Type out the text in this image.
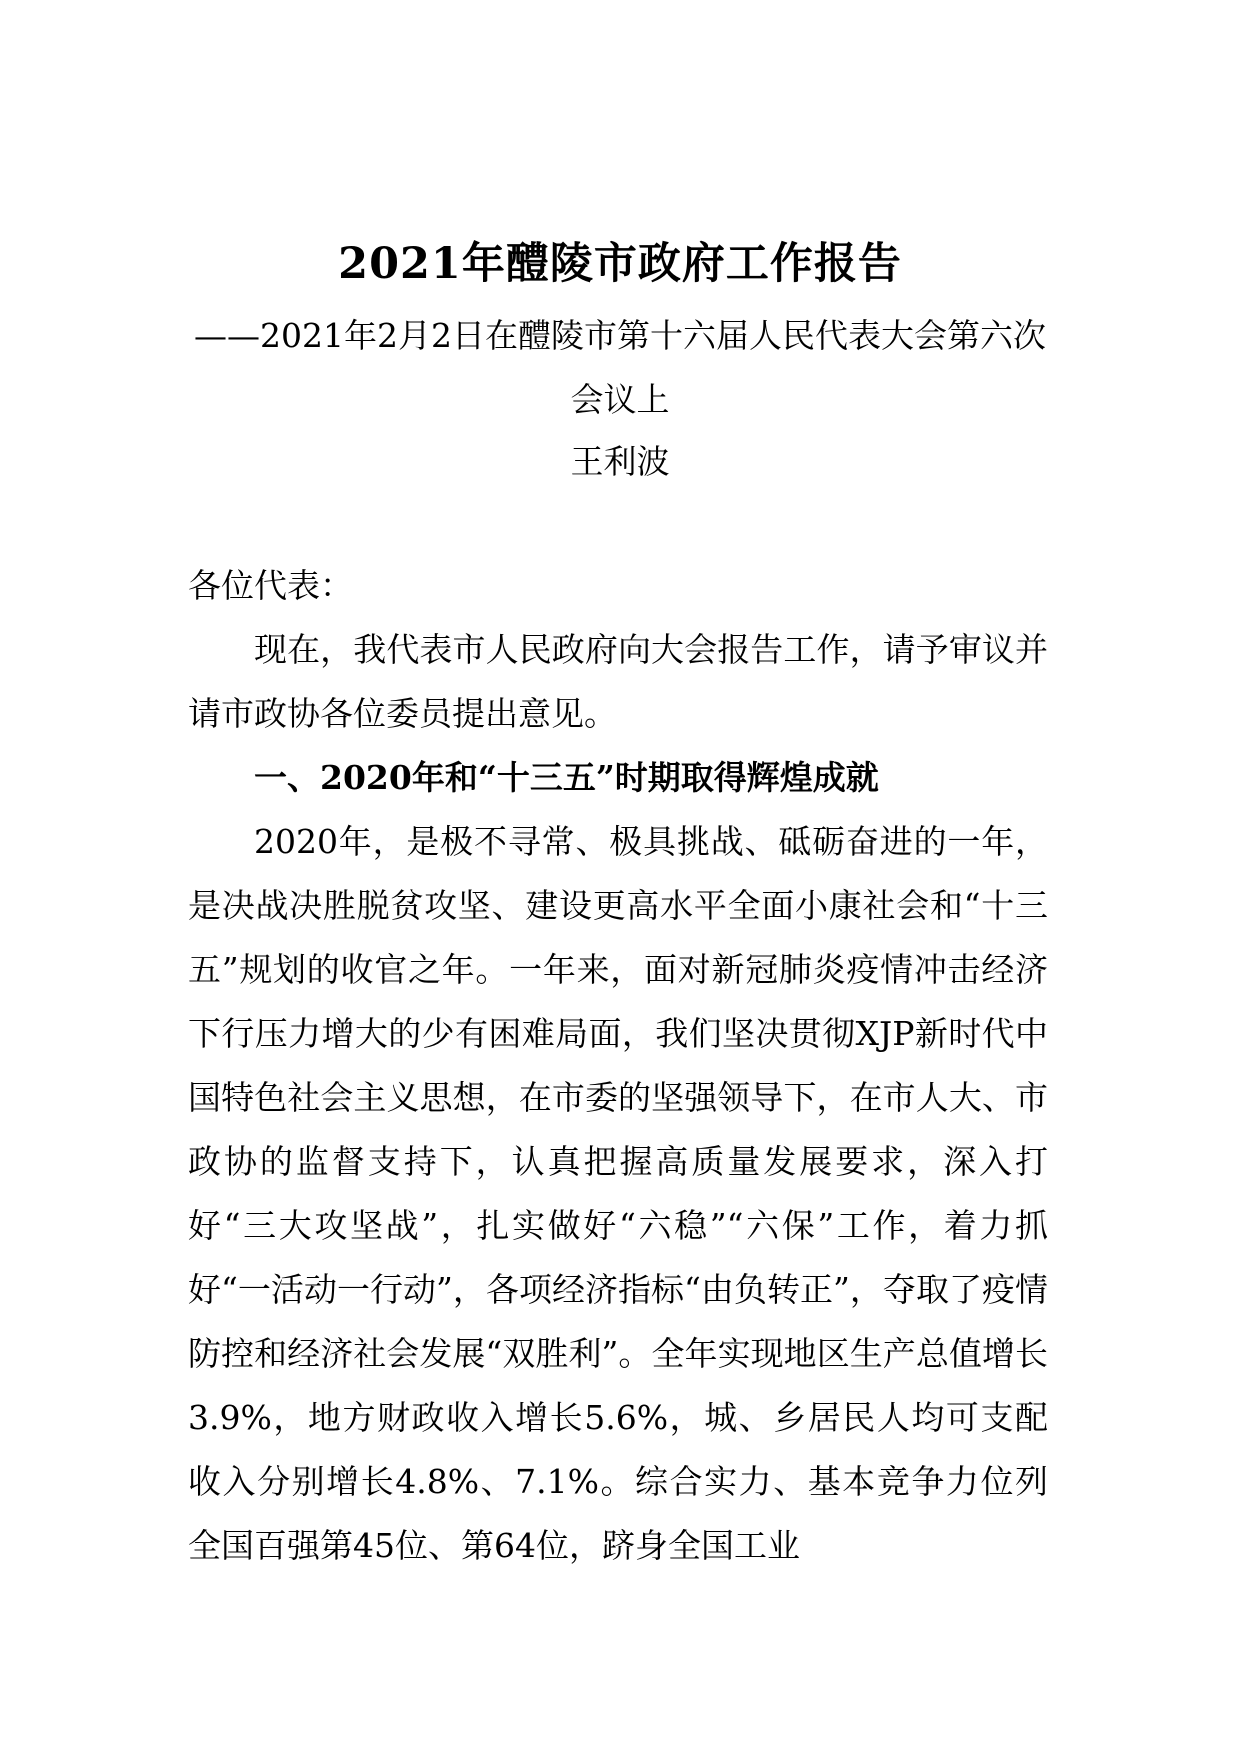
2021年醴陵市政府工作报告
——2021年2月2日在醴陵市第十六届人民代表大会第六次会议上
王利波

各位代表：

现在，我代表市人民政府向大会报告工作，请予审议并请市政协各位委员提出意见。

一、2020年和“十三五”时期取得辉煌成就

2020年，是极不寻常、极具挑战、砥砺奋进的一年，是决战决胜脱贫攻坚、建设更高水平全面小康社会和“十三五”规划的收官之年。一年来，面对新冠肺炎疫情冲击经济下行压力增大的少有困难局面，我们坚决贯彻XJP新时代中国特色社会主义思想，在市委的坚强领导下，在市人大、市政协的监督支持下，认真把握高质量发展要求，深入打好“三大攻坚战”，扎实做好“六稳”“六保”工作，着力抓好“一活动一行动”，各项经济指标“由负转正”，夺取了疫情防控和经济社会发展“双胜利”。全年实现地区生产总值增长3.9%，地方财政收入增长5.6%，城、乡居民人均可支配收入分别增长4.8%、7.1%。综合实力、基本竞争力位列全国百强第45位、第64位，跻身全国工业
